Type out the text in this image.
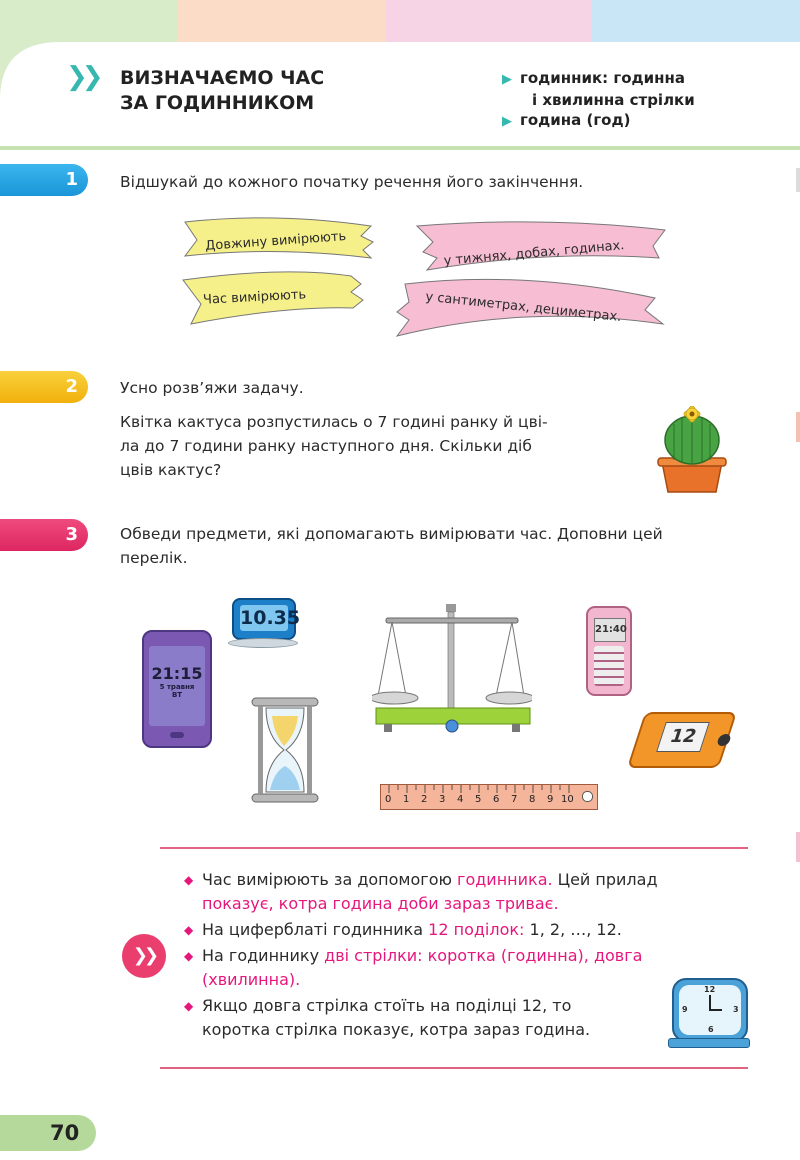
❯❯ ВИЗНАЧАЄМО ЧАС
ЗА ГОДИННИКОМ
▶ годинник: годинна
і хвилинна стрілки
▶ година (год)
1	Відшукай до кожного початку речення його закінчення.
Довжину вимірюють	у тижнях, добах, годинах.
Час вимірюють	у сантиметрах, дециметрах.
2	Усно розв’яжи задачу.
Квітка кактуса розпустилась о 7 годині ранку й цві-
ла до 7 години ранку наступного дня. Скільки діб
цвів кактус?
3	Обведи предмети, які допомагають вимірювати час. Доповни цей
перелік.
21:15
5 травня
ВТ
10.35
21:40
12
0 1 2 3 4 5 6 7 8 9 10
❯❯
◆ Час вимірюють за допомогою годинника. Цей прилад
показує, котра година доби зараз триває.
◆ На циферблаті годинника 12 поділок: 1, 2, …, 12.
◆ На годиннику дві стрілки: коротка (годинна), довга
(хвилинна).
◆ Якщо довга стрілка стоїть на поділці 12, то
коротка стрілка показує, котра зараз година.
12
3
6
9
70
